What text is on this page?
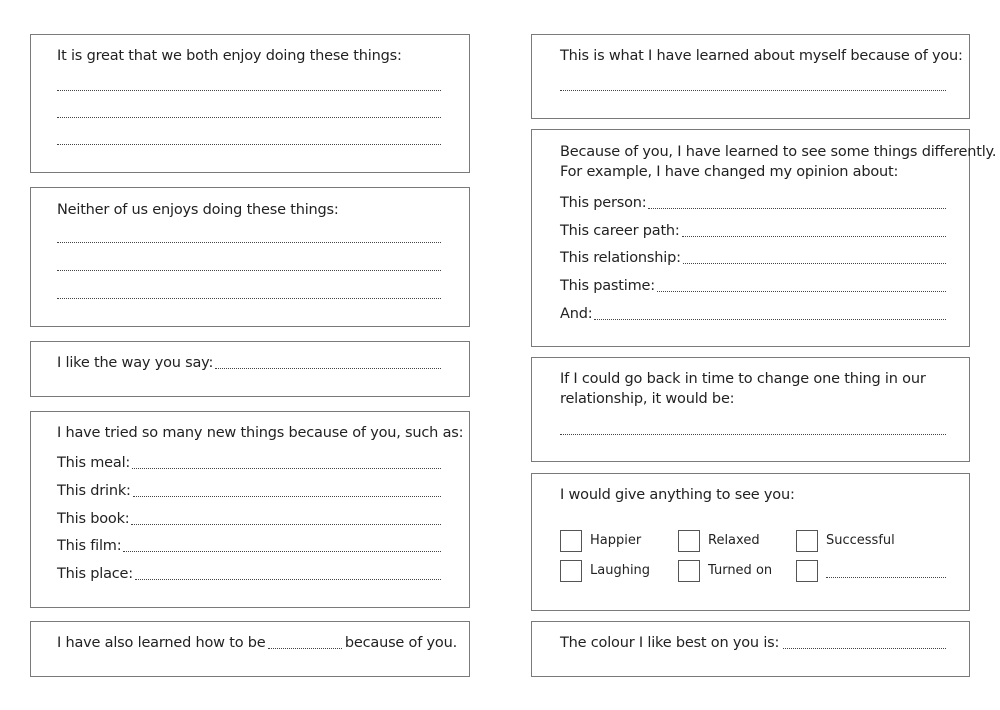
It is great that we both enjoy doing these things:
Neither of us enjoys doing these things:
I like the way you say:
I have tried so many new things because of you, such as:
This meal:
This drink:
This book:
This film:
This place:
I have also learned how to be	because of you.
This is what I have learned about myself because of you:
Because of you, I have learned to see some things differently.
For example, I have changed my opinion about:
This person:
This career path:
This relationship:
This pastime:
And:
If I could go back in time to change one thing in our
relationship, it would be:
I would give anything to see you:
Happier	Relaxed	Successful
Laughing	Turned on
The colour I like best on you is:
